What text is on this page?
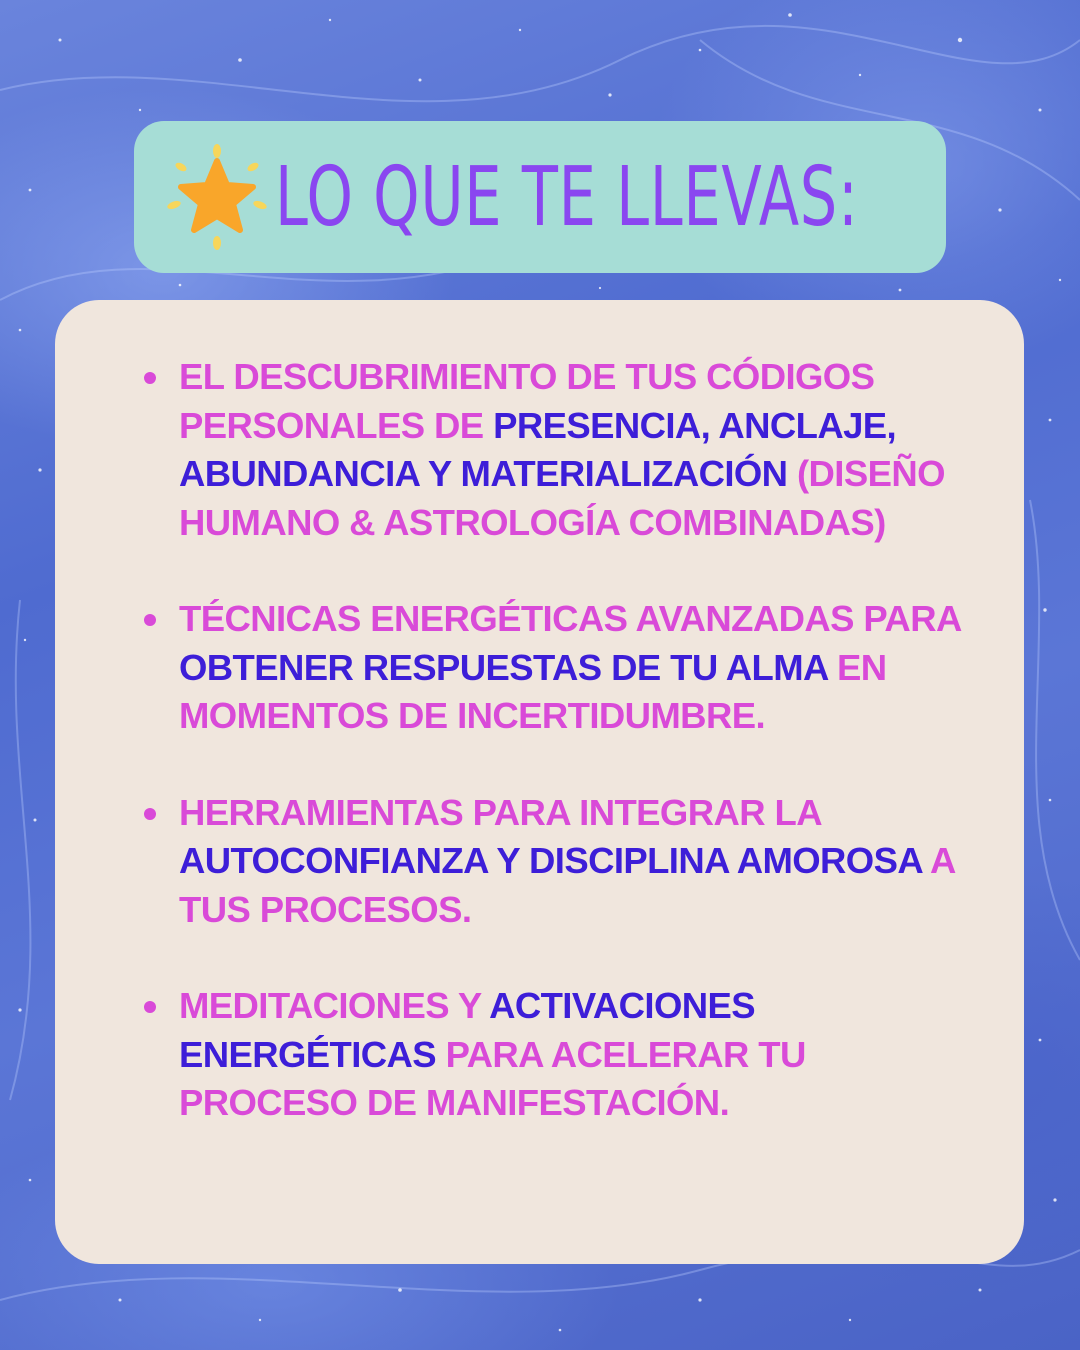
LO QUE TE LLEVAS:
EL DESCUBRIMIENTO DE TUS CÓDIGOS PERSONALES DE PRESENCIA, ANCLAJE, ABUNDANCIA Y MATERIALIZACIÓN (DISEÑO HUMANO & ASTROLOGÍA COMBINADAS)
TÉCNICAS ENERGÉTICAS AVANZADAS PARA OBTENER RESPUESTAS DE TU ALMA EN MOMENTOS DE INCERTIDUMBRE.
HERRAMIENTAS PARA INTEGRAR LA AUTOCONFIANZA Y DISCIPLINA AMOROSA A TUS PROCESOS.
MEDITACIONES Y ACTIVACIONES ENERGÉTICAS PARA ACELERAR TU PROCESO DE MANIFESTACIÓN.
